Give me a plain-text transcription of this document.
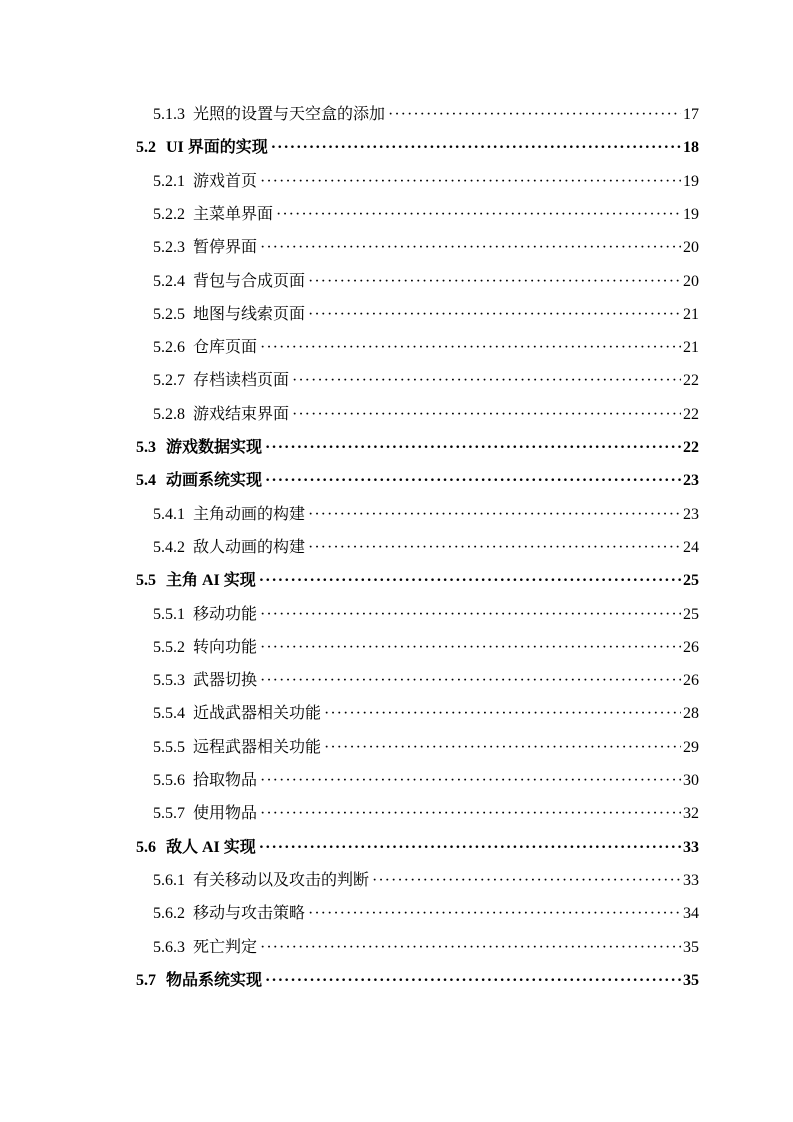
5.1.3 光照的设置与天空盒的添加 ·····	17
5.2 UI 界面的实现 ·····	18
5.2.1 游戏首页 ·····	19
5.2.2 主菜单界面 ·····	19
5.2.3 暂停界面 ·····	20
5.2.4 背包与合成页面 ·····	20
5.2.5 地图与线索页面 ·····	21
5.2.6 仓库页面 ·····	21
5.2.7 存档读档页面 ·····	22
5.2.8 游戏结束界面 ·····	22
5.3 游戏数据实现 ·····	22
5.4 动画系统实现 ·····	23
5.4.1 主角动画的构建 ·····	23
5.4.2 敌人动画的构建 ·····	24
5.5 主角 AI 实现 ·····	25
5.5.1 移动功能 ·····	25
5.5.2 转向功能 ·····	26
5.5.3 武器切换 ·····	26
5.5.4 近战武器相关功能 ·····	28
5.5.5 远程武器相关功能 ·····	29
5.5.6 拾取物品 ·····	30
5.5.7 使用物品 ·····	32
5.6 敌人 AI 实现 ·····	33
5.6.1 有关移动以及攻击的判断 ·····	33
5.6.2 移动与攻击策略 ·····	34
5.6.3 死亡判定 ·····	35
5.7 物品系统实现 ·····	35
